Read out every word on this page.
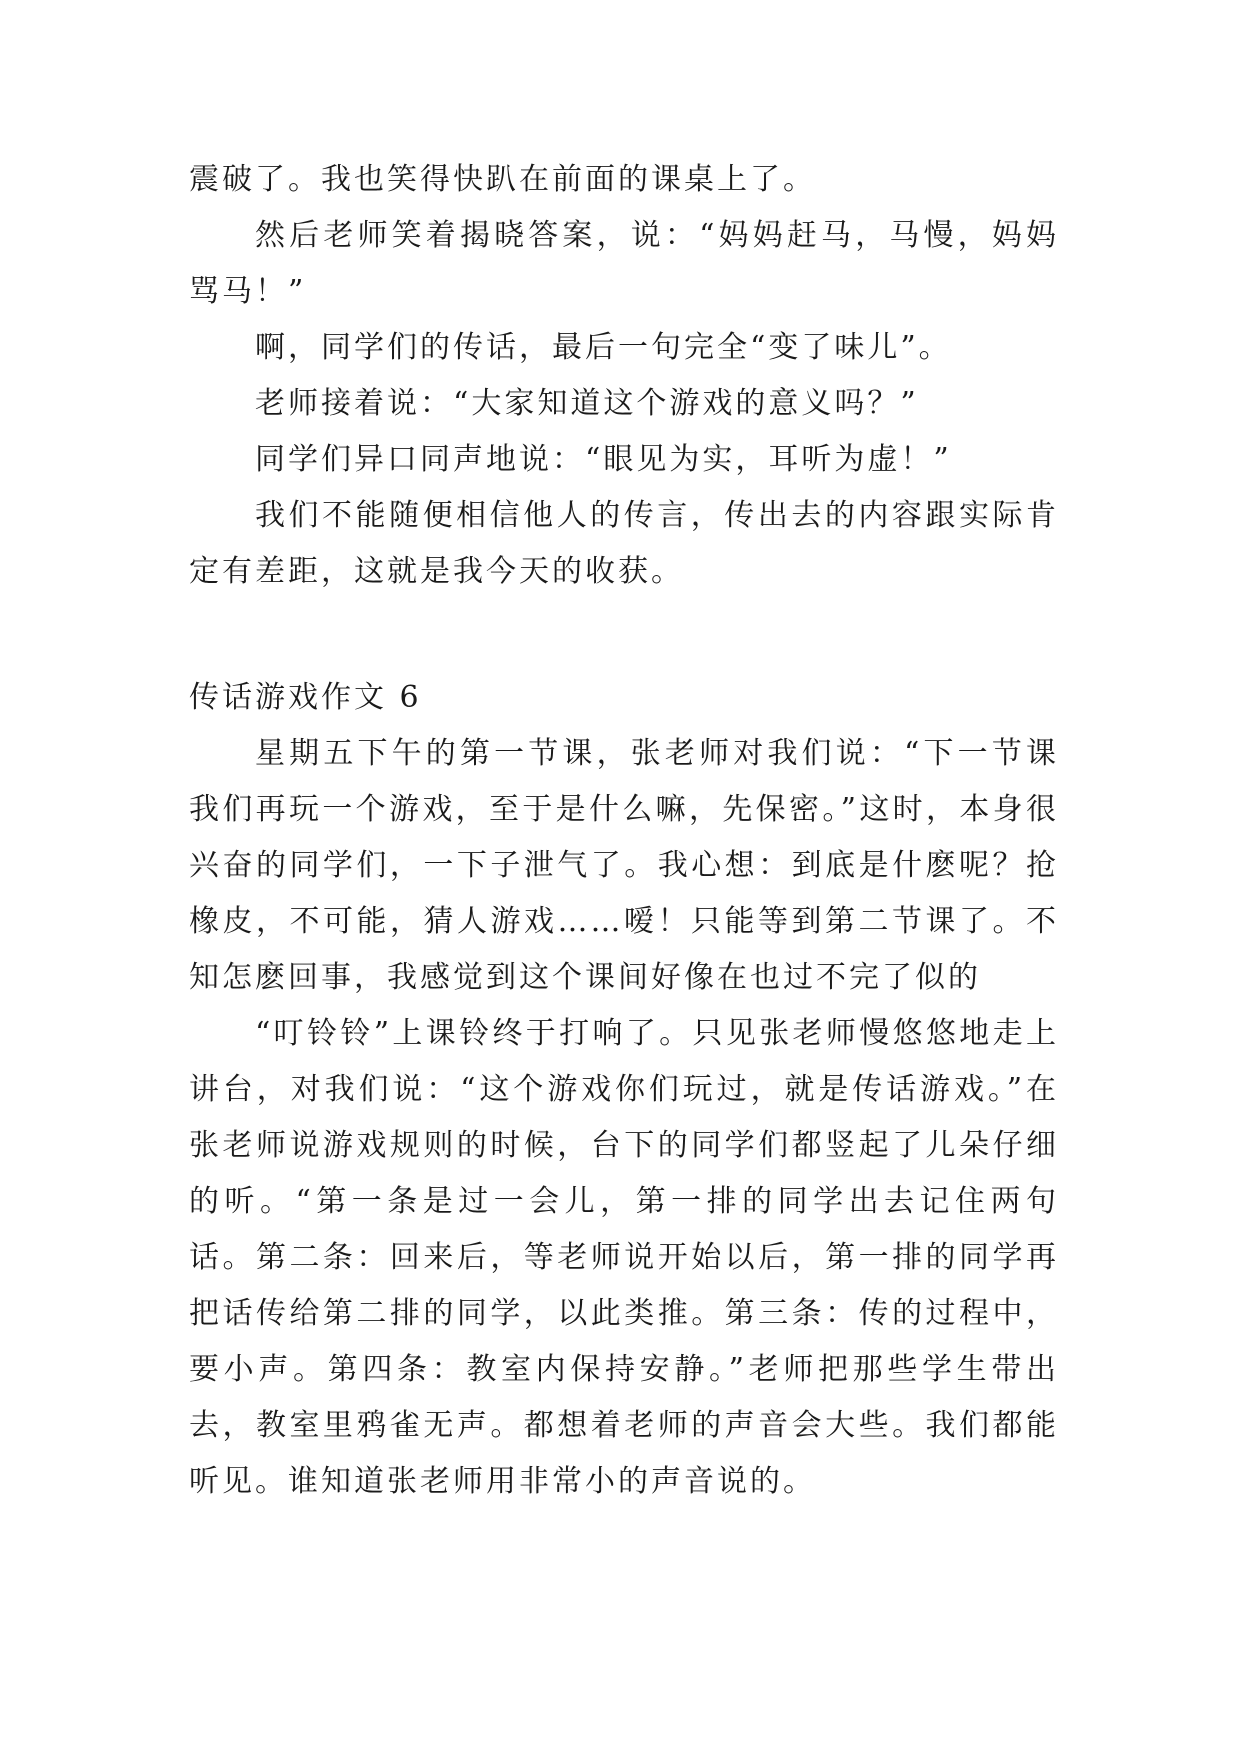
震破了。我也笑得快趴在前面的课桌上了。

然后老师笑着揭晓答案，说：“妈妈赶马，马慢，妈妈骂马！”

啊，同学们的传话，最后一句完全“变了味儿”。

老师接着说：“大家知道这个游戏的意义吗？”

同学们异口同声地说：“眼见为实，耳听为虚！”

我们不能随便相信他人的传言，传出去的内容跟实际肯定有差距，这就是我今天的收获。

传话游戏作文 6

星期五下午的第一节课，张老师对我们说：“下一节课我们再玩一个游戏，至于是什么嘛，先保密。”这时，本身很兴奋的同学们，一下子泄气了。我心想：到底是什麽呢？抢橡皮，不可能，猜人游戏……嗳！只能等到第二节课了。不知怎麽回事，我感觉到这个课间好像在也过不完了似的

“叮铃铃”上课铃终于打响了。只见张老师慢悠悠地走上讲台，对我们说：“这个游戏你们玩过，就是传话游戏。”在张老师说游戏规则的时候，台下的同学们都竖起了儿朵仔细的听。“第一条是过一会儿，第一排的同学出去记住两句话。第二条：回来后，等老师说开始以后，第一排的同学再把话传给第二排的同学，以此类推。第三条：传的过程中，要小声。第四条：教室内保持安静。”老师把那些学生带出去，教室里鸦雀无声。都想着老师的声音会大些。我们都能听见。谁知道张老师用非常小的声音说的。
